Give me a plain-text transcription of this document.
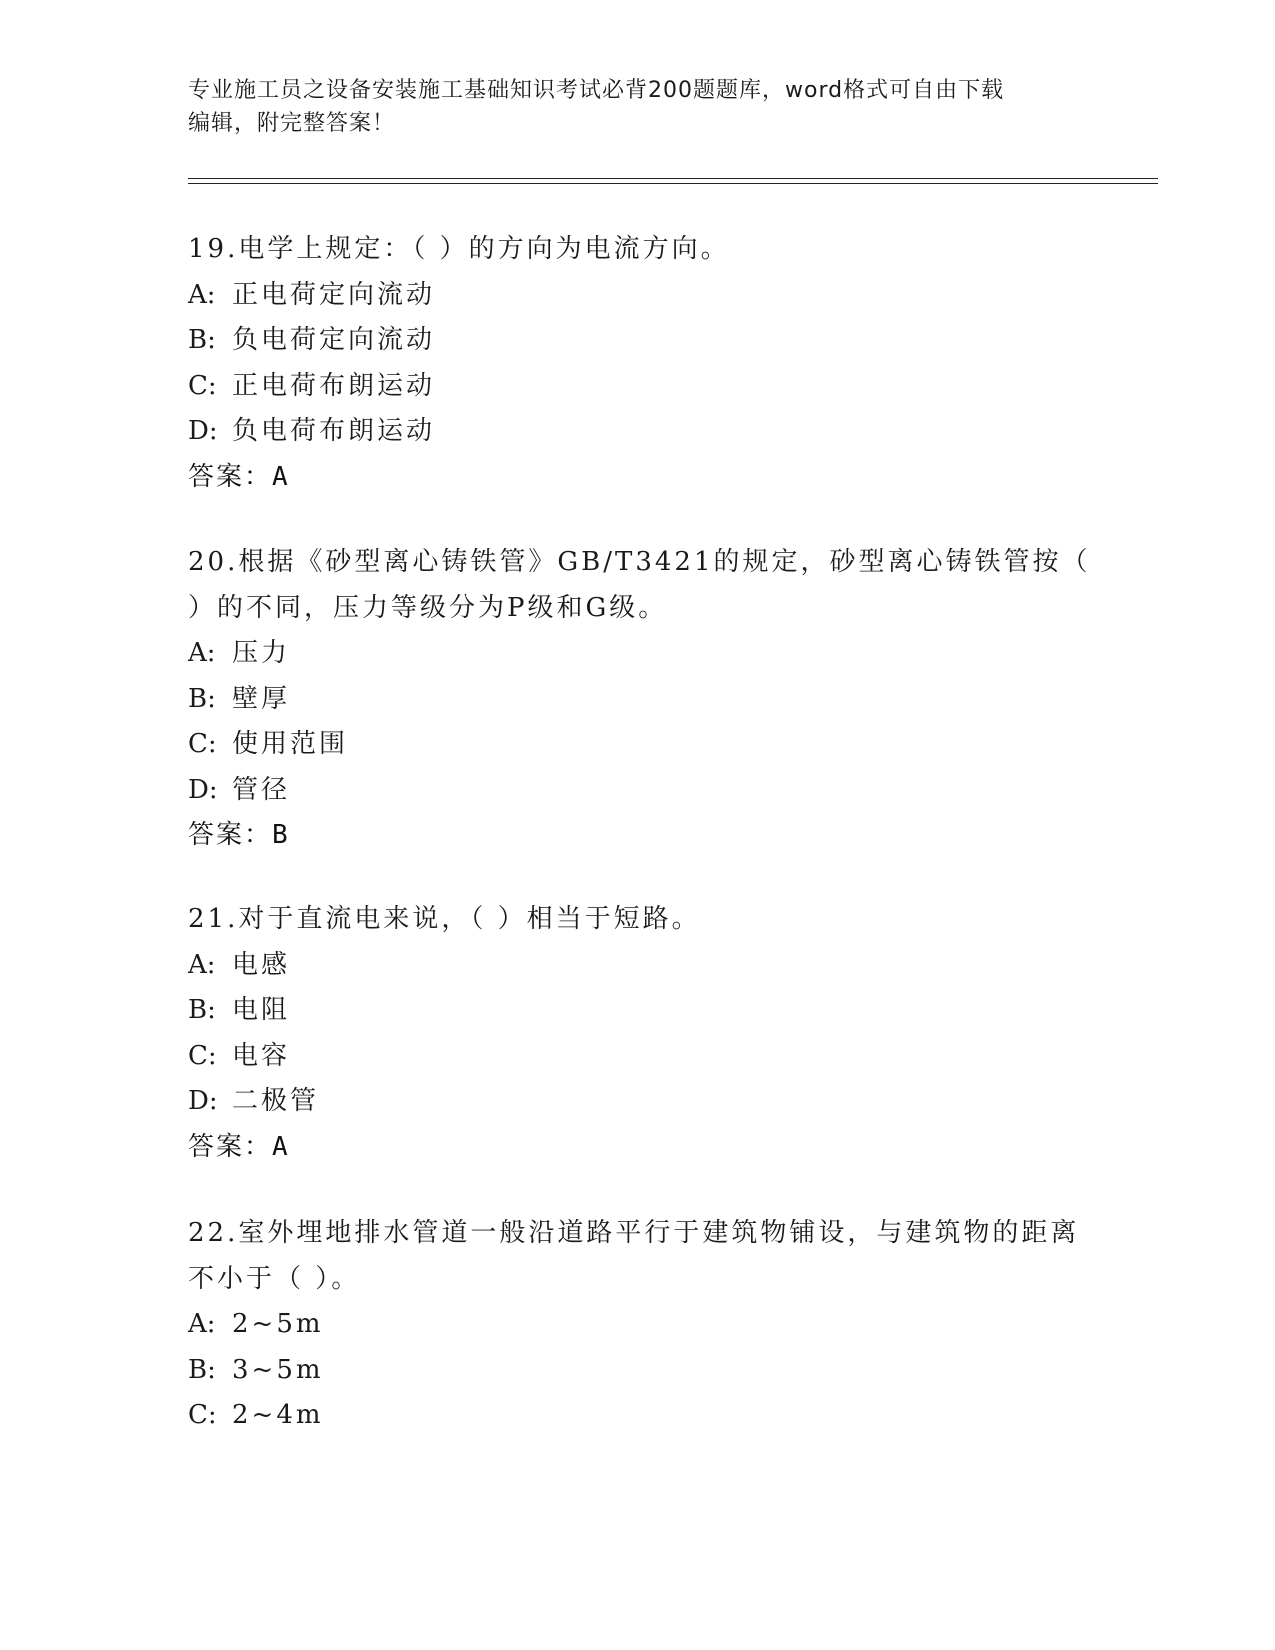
专业施工员之设备安装施工基础知识考试必背200题题库，word格式可自由下载
编辑，附完整答案！
19.电学上规定：（ ）的方向为电流方向。
A: 正电荷定向流动
B: 负电荷定向流动
C: 正电荷布朗运动
D: 负电荷布朗运动
答案：A
20.根据《砂型离心铸铁管》GB/T3421的规定，砂型离心铸铁管按（
）的不同，压力等级分为P级和G级。
A: 压力
B: 壁厚
C: 使用范围
D: 管径
答案：B
21.对于直流电来说，（ ）相当于短路。
A: 电感
B: 电阻
C: 电容
D: 二极管
答案：A
22.室外埋地排水管道一般沿道路平行于建筑物铺设，与建筑物的距离
不小于（ ）。
A: 2~5m
B: 3~5m
C: 2~4m
